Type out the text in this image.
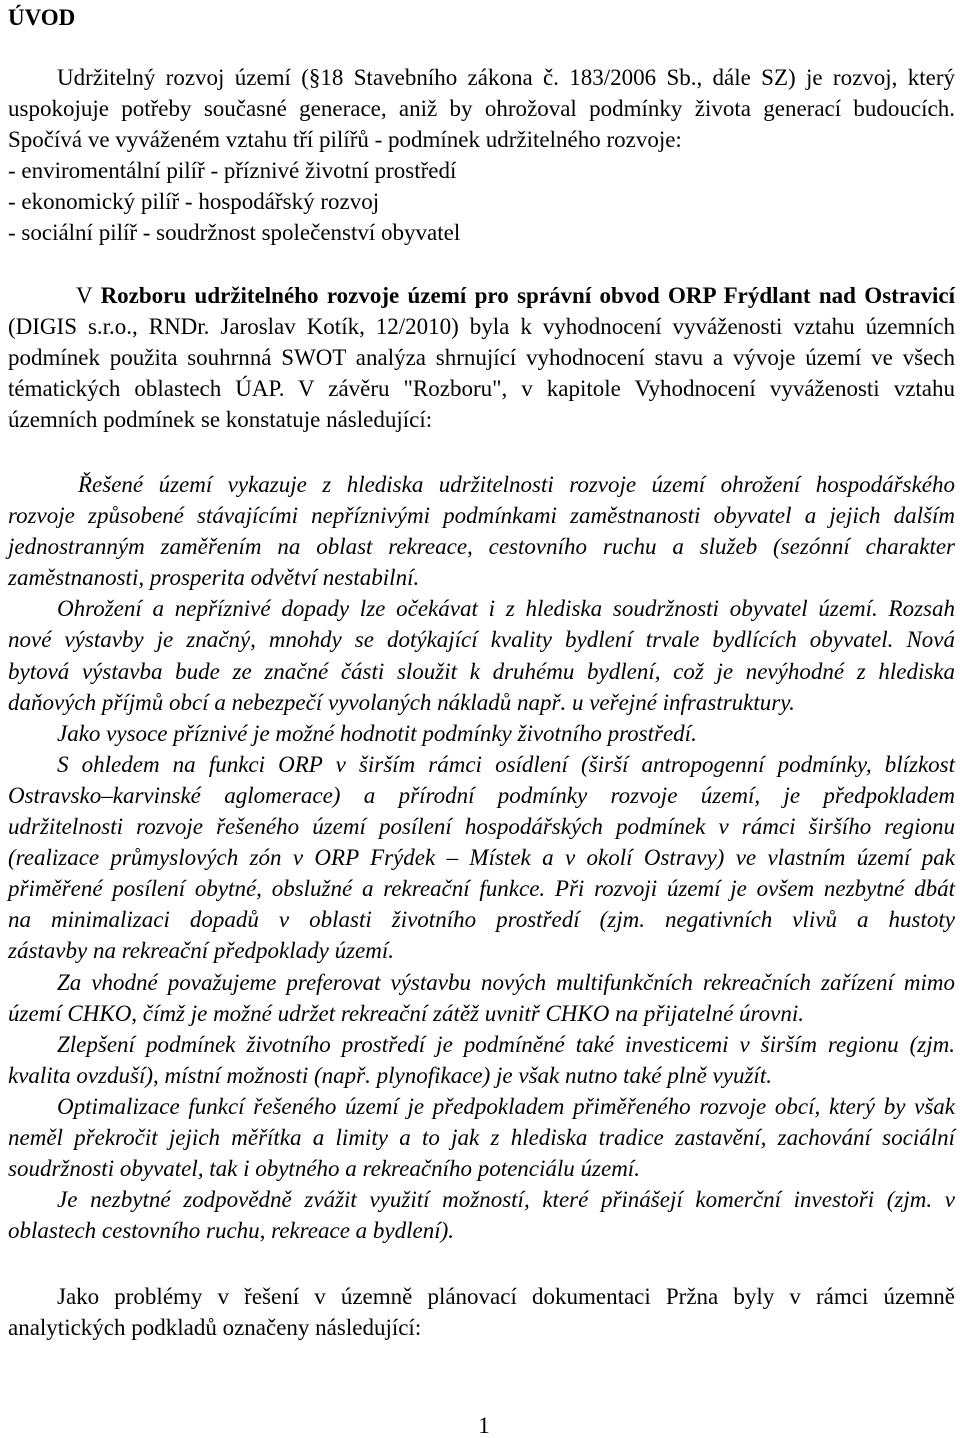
ÚVOD
Udržitelný rozvoj území (§18 Stavebního zákona č. 183/2006 Sb., dále SZ) je rozvoj, který
uspokojuje potřeby současné generace, aniž by ohrožoval podmínky života generací budoucích.
Spočívá ve vyváženém vztahu tří pilířů - podmínek udržitelného rozvoje:
- enviromentální pilíř - příznivé životní prostředí
- ekonomický pilíř - hospodářský rozvoj
- sociální pilíř - soudržnost společenství obyvatel
V Rozboru udržitelného rozvoje území pro správní obvod ORP Frýdlant nad Ostravicí
(DIGIS s.r.o., RNDr. Jaroslav Kotík, 12/2010) byla k vyhodnocení vyváženosti vztahu územních
podmínek použita souhrnná SWOT analýza shrnující vyhodnocení stavu a vývoje území ve všech
tématických oblastech ÚAP. V závěru "Rozboru", v kapitole Vyhodnocení vyváženosti vztahu
územních podmínek se konstatuje následující:
Řešené území vykazuje z hlediska udržitelnosti rozvoje území ohrožení hospodářského
rozvoje způsobené stávajícími nepříznivými podmínkami zaměstnanosti obyvatel a jejich dalším
jednostranným zaměřením na oblast rekreace, cestovního ruchu a služeb (sezónní charakter
zaměstnanosti, prosperita odvětví nestabilní.
Ohrožení a nepříznivé dopady lze očekávat i z hlediska soudržnosti obyvatel území. Rozsah
nové výstavby je značný, mnohdy se dotýkající kvality bydlení trvale bydlících obyvatel. Nová
bytová výstavba bude ze značné části sloužit k druhému bydlení, což je nevýhodné z hlediska
daňových příjmů obcí a nebezpečí vyvolaných nákladů např. u veřejné infrastruktury.
Jako vysoce příznivé je možné hodnotit podmínky životního prostředí.
S ohledem na funkci ORP v širším rámci osídlení (širší antropogenní podmínky, blízkost
Ostravsko–karvinské aglomerace) a přírodní podmínky rozvoje území, je předpokladem
udržitelnosti rozvoje řešeného území posílení hospodářských podmínek v rámci širšího regionu
(realizace průmyslových zón v ORP Frýdek – Místek a v okolí Ostravy) ve vlastním území pak
přiměřené posílení obytné, obslužné a rekreační funkce. Při rozvoji území je ovšem nezbytné dbát
na minimalizaci dopadů v oblasti životního prostředí (zjm. negativních vlivů a hustoty
zástavby na rekreační předpoklady území.
Za vhodné považujeme preferovat výstavbu nových multifunkčních rekreačních zařízení mimo
území CHKO, čímž je možné udržet rekreační zátěž uvnitř CHKO na přijatelné úrovni.
Zlepšení podmínek životního prostředí je podmíněné také investicemi v širším regionu (zjm.
kvalita ovzduší), místní možnosti (např. plynofikace) je však nutno také plně využít.
Optimalizace funkcí řešeného území je předpokladem přiměřeného rozvoje obcí, který by však
neměl překročit jejich měřítka a limity a to jak z hlediska tradice zastavění, zachování sociální
soudržnosti obyvatel, tak i obytného a rekreačního potenciálu území.
Je nezbytné zodpovědně zvážit využití možností, které přinášejí komerční investoři (zjm. v
oblastech cestovního ruchu, rekreace a bydlení).
Jako problémy v řešení v územně plánovací dokumentaci Pržna byly v rámci územně
analytických podkladů označeny následující:
1
